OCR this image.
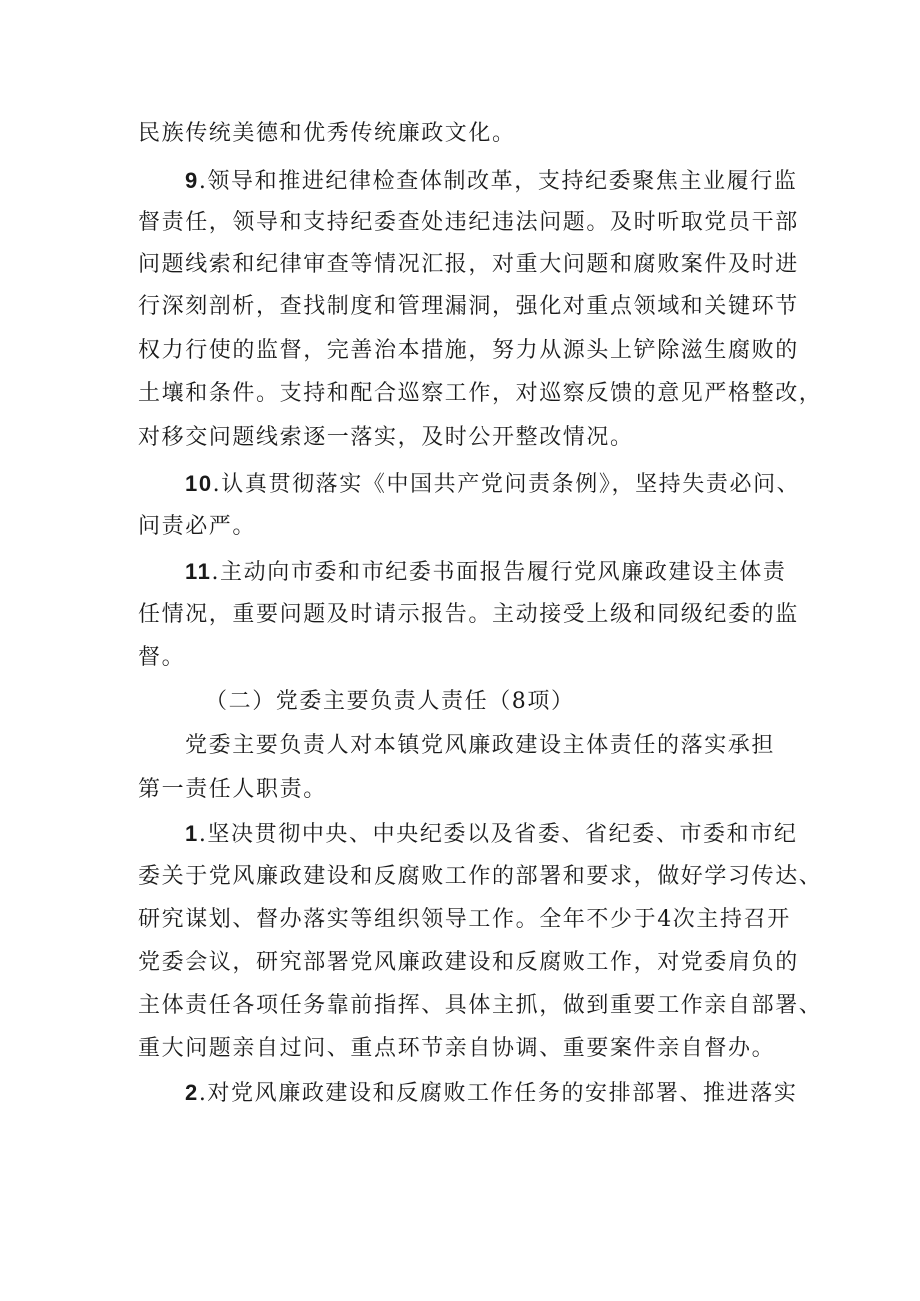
民族传统美德和优秀传统廉政文化。
9.领导和推进纪律检查体制改革，支持纪委聚焦主业履行监
督责任，领导和支持纪委查处违纪违法问题。及时听取党员干部
问题线索和纪律审查等情况汇报，对重大问题和腐败案件及时进
行深刻剖析，查找制度和管理漏洞，强化对重点领域和关键环节
权力行使的监督，完善治本措施，努力从源头上铲除滋生腐败的
土壤和条件。支持和配合巡察工作，对巡察反馈的意见严格整改，
对移交问题线索逐一落实，及时公开整改情况。
10.认真贯彻落实《中国共产党问责条例》，坚持失责必问、
问责必严。
11.主动向市委和市纪委书面报告履行党风廉政建设主体责
任情况，重要问题及时请示报告。主动接受上级和同级纪委的监
督。
（二）党委主要负责人责任（8项）
党委主要负责人对本镇党风廉政建设主体责任的落实承担
第一责任人职责。
1.坚决贯彻中央、中央纪委以及省委、省纪委、市委和市纪
委关于党风廉政建设和反腐败工作的部署和要求，做好学习传达、
研究谋划、督办落实等组织领导工作。全年不少于4次主持召开
党委会议，研究部署党风廉政建设和反腐败工作，对党委肩负的
主体责任各项任务靠前指挥、具体主抓，做到重要工作亲自部署、
重大问题亲自过问、重点环节亲自协调、重要案件亲自督办。
2.对党风廉政建设和反腐败工作任务的安排部署、推进落实
